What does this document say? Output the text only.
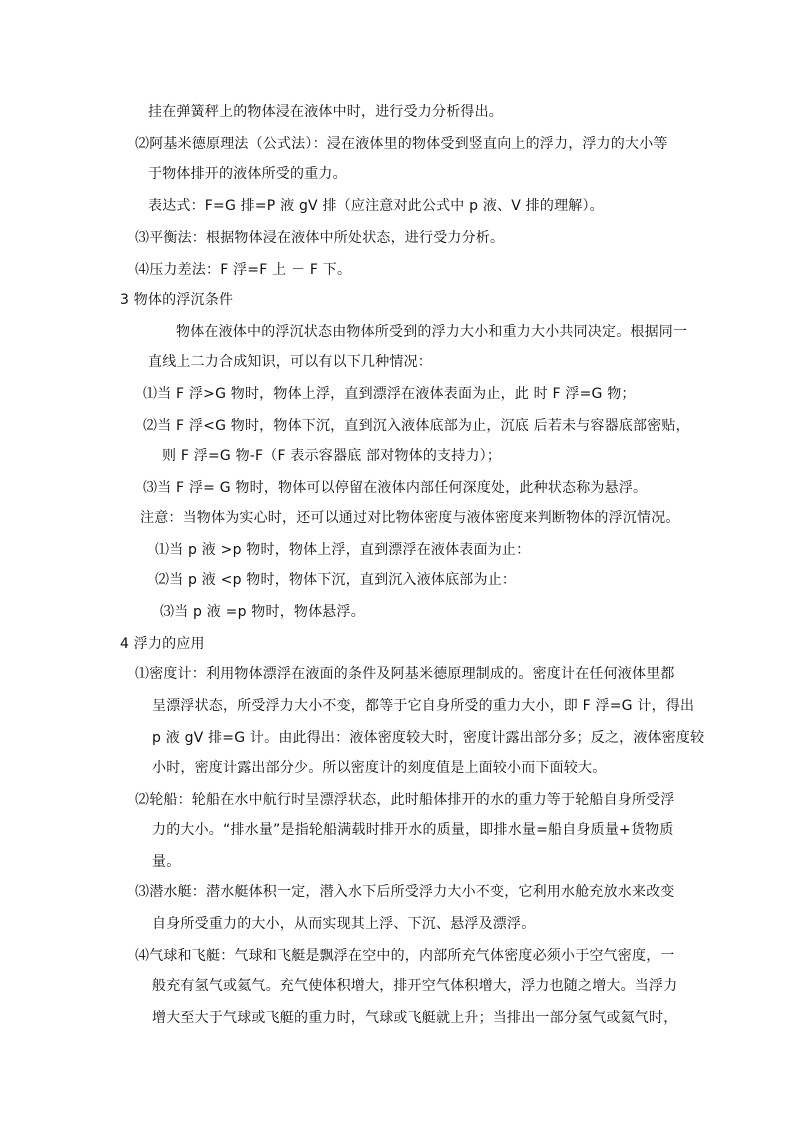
挂在弹簧秤上的物体浸在液体中时，进行受力分析得出。
⑵阿基米德原理法（公式法）：浸在液体里的物体受到竖直向上的浮力，浮力的大小等
于物体排开的液体所受的重力。
表达式：F=G 排=P 液 gV 排（应注意对此公式中 p 液、V 排的理解）。
⑶平衡法：根据物体浸在液体中所处状态，进行受力分析。
⑷压力差法：F 浮=F 上 － F 下。
3 物体的浮沉条件
物体在液体中的浮沉状态由物体所受到的浮力大小和重力大小共同决定。根据同一
直线上二力合成知识，可以有以下几种情况：
⑴当 F 浮>G 物时，物体上浮，直到漂浮在液体表面为止，此 时 F 浮=G 物；
⑵当 F 浮<G 物时，物体下沉，直到沉入液体底部为止，沉底 后若未与容器底部密贴，
则 F 浮=G 物-F（F 表示容器底 部对物体的支持力）；
⑶当 F 浮= G 物时，物体可以停留在液体内部任何深度处，此种状态称为悬浮。
注意：当物体为实心时，还可以通过对比物体密度与液体密度来判断物体的浮沉情况。
⑴当 p 液 >p 物时，物体上浮，直到漂浮在液体表面为止：
⑵当 p 液 <p 物时，物体下沉，直到沉入液体底部为止：
⑶当 p 液 =p 物时，物体悬浮。
4 浮力的应用
⑴密度计：利用物体漂浮在液面的条件及阿基米德原理制成的。密度计在任何液体里都
呈漂浮状态，所受浮力大小不变，都等于它自身所受的重力大小，即 F 浮=G 计，得出
p 液 gV 排=G 计。由此得出：液体密度较大时，密度计露出部分多；反之，液体密度较
小时，密度计露出部分少。所以密度计的刻度值是上面较小而下面较大。
⑵轮船：轮船在水中航行时呈漂浮状态，此时船体排开的水的重力等于轮船自身所受浮
力的大小。“排水量”是指轮船满载时排开水的质量，即排水量=船自身质量+货物质
量。
⑶潜水艇：潜水艇体积一定，潜入水下后所受浮力大小不变，它利用水舱充放水来改变
自身所受重力的大小，从而实现其上浮、下沉、悬浮及漂浮。
⑷气球和飞艇：气球和飞艇是飘浮在空中的，内部所充气体密度必须小于空气密度，一
般充有氢气或氦气。充气使体积增大，排开空气体积增大，浮力也随之增大。当浮力
增大至大于气球或飞艇的重力时，气球或飞艇就上升；当排出一部分氢气或氦气时，
